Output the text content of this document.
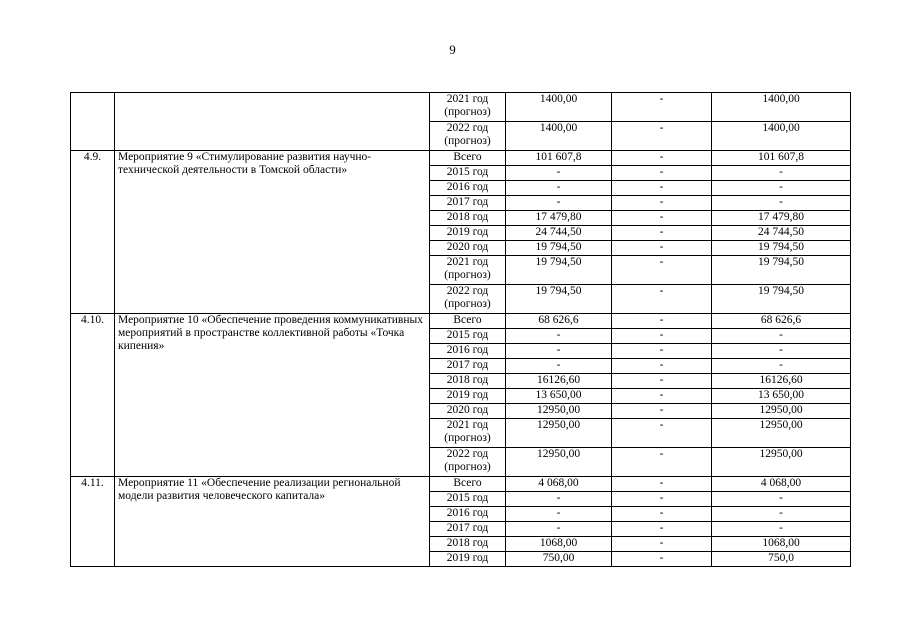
9
		2021 год
(прогноз)	1400,00	-	1400,00
		2022 год
(прогноз)	1400,00	-	1400,00
4.9.	Мероприятие 9 «Стимулирование развития научно-технической деятельности в Томской области»	Всего	101 607,8	-	101 607,8
		2015 год	-	-	-
		2016 год	-	-	-
		2017 год	-	-	-
		2018 год	17 479,80	-	17 479,80
		2019 год	24 744,50	-	24 744,50
		2020 год	19 794,50	-	19 794,50
		2021 год
(прогноз)	19 794,50	-	19 794,50
		2022 год
(прогноз)	19 794,50	-	19 794,50
4.10.	Мероприятие 10 «Обеспечение проведения коммуникативных мероприятий в пространстве коллективной работы «Точка кипения»	Всего	68 626,6	-	68 626,6
		2015 год	-	-	-
		2016 год	-	-	-
		2017 год	-	-	-
		2018 год	16126,60	-	16126,60
		2019 год	13 650,00	-	13 650,00
		2020 год	12950,00	-	12950,00
		2021 год
(прогноз)	12950,00	-	12950,00
		2022 год
(прогноз)	12950,00	-	12950,00
4.11.	Мероприятие 11 «Обеспечение реализации региональной модели развития человеческого капитала»	Всего	4 068,00	-	4 068,00
		2015 год	-	-	-
		2016 год	-	-	-
		2017 год	-	-	-
		2018 год	1068,00	-	1068,00
		2019 год	750,00	-	750,0
